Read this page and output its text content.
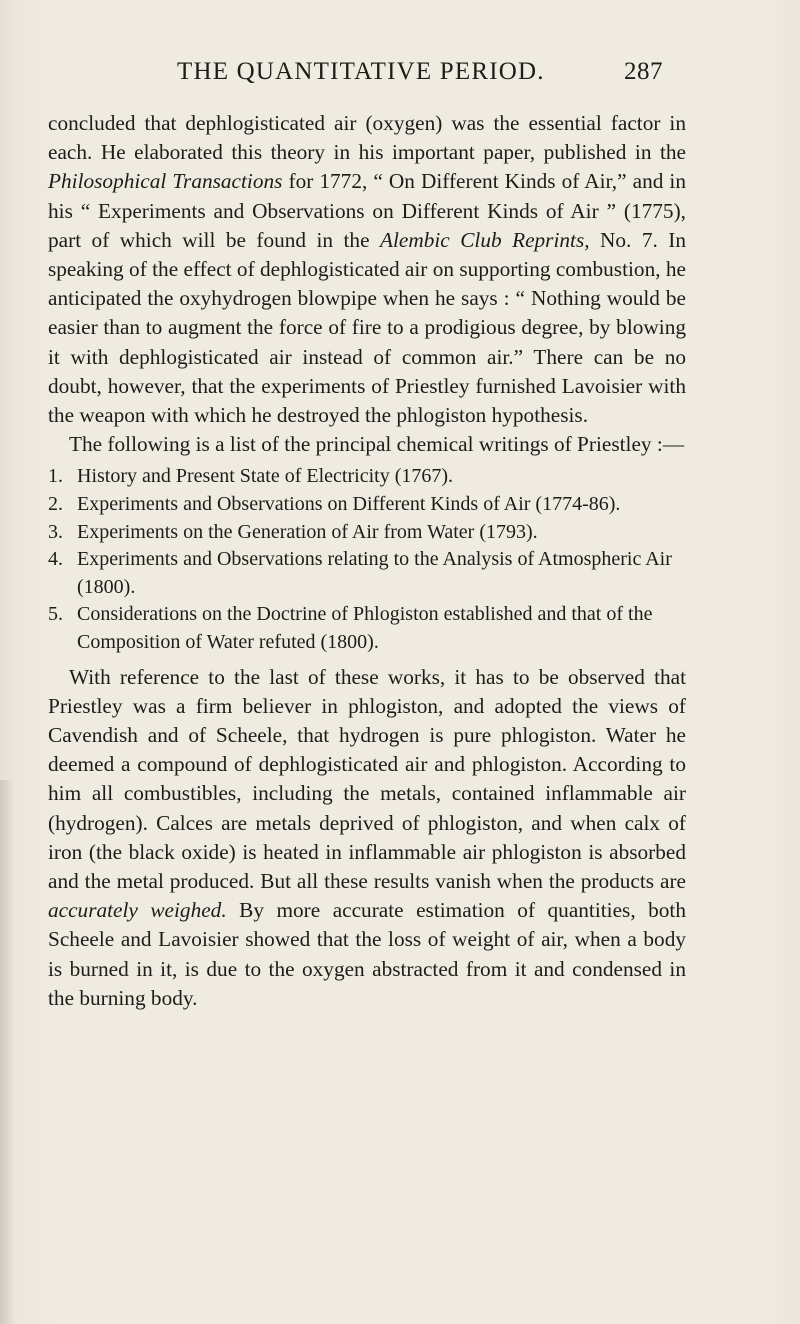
THE QUANTITATIVE PERIOD.	287

concluded that dephlogisticated air (oxygen) was the essential factor in each. He elaborated this theory in his important paper, published in the Philosophical Transactions for 1772, “ On Different Kinds of Air,” and in his “ Experiments and Observations on Different Kinds of Air ” (1775), part of which will be found in the Alembic Club Reprints, No. 7. In speaking of the effect of dephlogisticated air on supporting combustion, he anticipated the oxyhydrogen blowpipe when he says : “ Nothing would be easier than to augment the force of fire to a prodigious degree, by blowing it with dephlogisticated air instead of common air.” There can be no doubt, however, that the experiments of Priestley furnished Lavoisier with the weapon with which he destroyed the phlogiston hypothesis.

The following is a list of the principal chemical writings of Priestley :—

1. History and Present State of Electricity (1767).
2. Experiments and Observations on Different Kinds of Air (1774-86).
3. Experiments on the Generation of Air from Water (1793).
4. Experiments and Observations relating to the Analysis of Atmospheric Air (1800).
5. Considerations on the Doctrine of Phlogiston established and that of the Composition of Water refuted (1800).

With reference to the last of these works, it has to be observed that Priestley was a firm believer in phlogiston, and adopted the views of Cavendish and of Scheele, that hydrogen is pure phlogiston. Water he deemed a compound of dephlogisticated air and phlogiston. According to him all combustibles, including the metals, contained inflammable air (hydrogen). Calces are metals deprived of phlogiston, and when calx of iron (the black oxide) is heated in inflammable air phlogiston is absorbed and the metal produced. But all these results vanish when the products are accurately weighed. By more accurate estimation of quantities, both Scheele and Lavoisier showed that the loss of weight of air, when a body is burned in it, is due to the oxygen abstracted from it and condensed in the burning body.
